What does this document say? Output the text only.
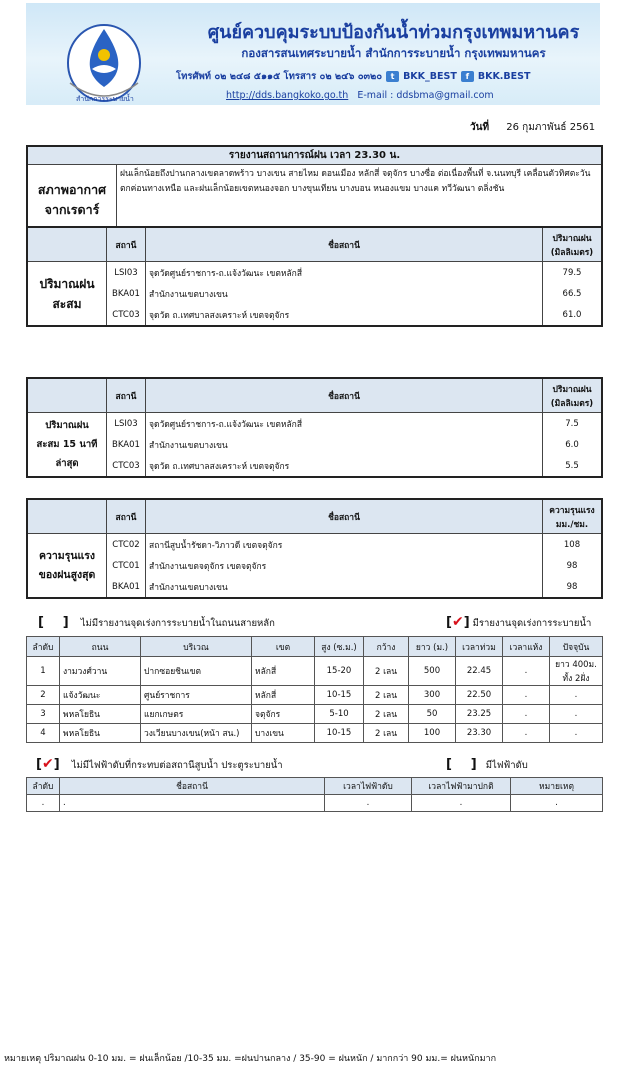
สำนักการระบายน้ำ
ศูนย์ควบคุมระบบป้องกันน้ำท่วมกรุงเทพมหานคร
กองสารสนเทศระบายน้ำ สำนักการระบายน้ำ กรุงเทพมหานคร
โทรศัพท์ ๐๒ ๒๔๘ ๕๑๑๕ โทรสาร ๐๒ ๒๔๖ ๐๓๒๐	t BKK_BEST	f BKK.BEST
http://dds.bangkoko.go.th E-mail : ddsbma@gmail.com
วันที่ 26 กุมภาพันธ์ 2561
รายงานสถานการณ์ฝน เวลา 23.30 น.
สภาพอากาศ
จากเรดาร์	ฝนเล็กน้อยถึงปานกลางเขตลาดพร้าว บางเขน สายไหม ดอนเมือง หลักสี่ จตุจักร บางซื่อ ต่อเนื่องพื้นที่ จ.นนทบุรี เคลื่อนตัวทิศตะวันตกค่อนทางเหนือ และฝนเล็กน้อยเขตหนองจอก บางขุนเทียน บางบอน หนองแขม บางแค ทวีวัฒนา ตลิ่งชัน
	สถานี	ชื่อสถานี	ปริมาณฝน
(มิลลิเมตร)
ปริมาณฝน
สะสม	LSI03	จุดวัดศูนย์ราชการ-ถ.แจ้งวัฒนะ เขตหลักสี่	79.5
	BKA01	สำนักงานเขตบางเขน	66.5
	CTC03	จุดวัด ถ.เทศบาลสงเคราะห์ เขตจตุจักร	61.0
	สถานี	ชื่อสถานี	ปริมาณฝน
(มิลลิเมตร)
ปริมาณฝน
สะสม 15 นาที
ล่าสุด	LSI03	จุดวัดศูนย์ราชการ-ถ.แจ้งวัฒนะ เขตหลักสี่	7.5
	BKA01	สำนักงานเขตบางเขน	6.0
	CTC03	จุดวัด ถ.เทศบาลสงเคราะห์ เขตจตุจักร	5.5
	สถานี	ชื่อสถานี	ความรุนแรง
มม./ชม.
ความรุนแรง
ของฝนสูงสุด	CTC02	สถานีสูบน้ำรัชดา-วิภาวดี เขตจตุจักร	108
	CTC01	สำนักงานเขตจตุจักร เขตจตุจักร	98
	BKA01	สำนักงานเขตบางเขน	98
[    ] ไม่มีรายงานจุดเร่งการระบายน้ำในถนนสายหลัก	[✔] มีรายงานจุดเร่งการระบายน้ำ
ลำดับ	ถนน	บริเวณ	เขต	สูง (ซ.ม.)	กว้าง	ยาว (ม.)	เวลาท่วม	เวลาแห้ง	ปัจจุบัน
1	งามวงศ์วาน	ปากซอยชินเขต	หลักสี่	15-20	2 เลน	500	22.45	.	ยาว 400ม. ทั้ง 2ฝั่ง
2	แจ้งวัฒนะ	ศูนย์ราชการ	หลักสี่	10-15	2 เลน	300	22.50	.	.
3	พหลโยธิน	แยกเกษตร	จตุจักร	5-10	2 เลน	50	23.25	.	.
4	พหลโยธิน	วงเวียนบางเขน(หน้า สน.)	บางเขน	10-15	2 เลน	100	23.30	.	.
[✔] ไม่มีไฟฟ้าดับที่กระทบต่อสถานีสูบน้ำ ประตูระบายน้ำ	[    ] มีไฟฟ้าดับ
ลำดับ	ชื่อสถานี	เวลาไฟฟ้าดับ	เวลาไฟฟ้ามาปกติ	หมายเหตุ
.	.	.	.	.
หมายเหตุ ปริมาณฝน 0-10 มม. = ฝนเล็กน้อย /10-35 มม. =ฝนปานกลาง / 35-90 = ฝนหนัก / มากกว่า 90 มม.= ฝนหนักมาก
